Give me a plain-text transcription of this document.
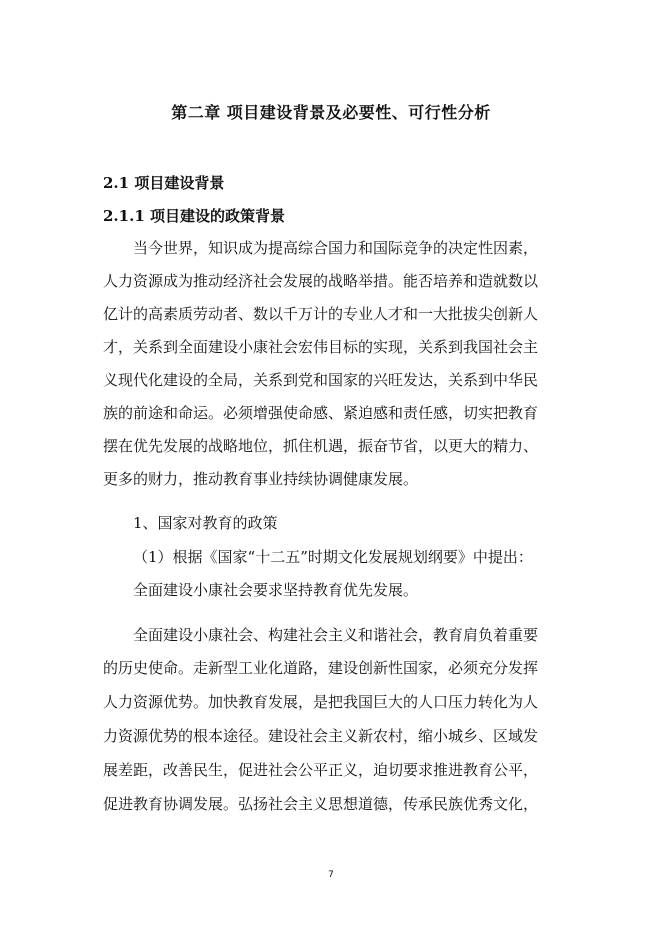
第二章 项目建设背景及必要性、可行性分析
2.1 项目建设背景
2.1.1 项目建设的政策背景
当今世界，知识成为提高综合国力和国际竞争的决定性因素，
人力资源成为推动经济社会发展的战略举措。能否培养和造就数以
亿计的高素质劳动者、数以千万计的专业人才和一大批拔尖创新人
才，关系到全面建设小康社会宏伟目标的实现，关系到我国社会主
义现代化建设的全局，关系到党和国家的兴旺发达，关系到中华民
族的前途和命运。必须增强使命感、紧迫感和责任感，切实把教育
摆在优先发展的战略地位，抓住机遇，振奋节省，以更大的精力、
更多的财力，推动教育事业持续协调健康发展。
1、国家对教育的政策
（1）根据《国家“十二五”时期文化发展规划纲要》中提出：
全面建设小康社会要求坚持教育优先发展。
全面建设小康社会、构建社会主义和谐社会，教育肩负着重要
的历史使命。走新型工业化道路，建设创新性国家，必须充分发挥
人力资源优势。加快教育发展，是把我国巨大的人口压力转化为人
力资源优势的根本途径。建设社会主义新农村，缩小城乡、区域发
展差距，改善民生，促进社会公平正义，迫切要求推进教育公平，
促进教育协调发展。弘扬社会主义思想道德，传承民族优秀文化，
7
